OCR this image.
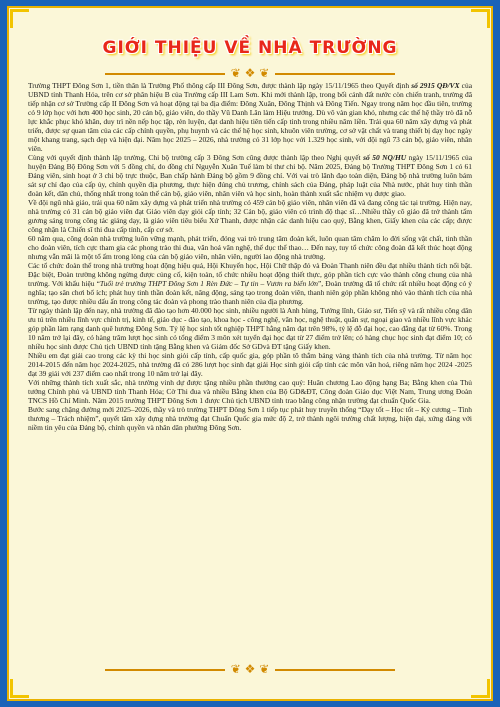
GIỚI THIỆU VỀ NHÀ TRƯỜNG
❦ ❖ ❦

Trường THPT Đông Sơn 1, tiền thân là Trường Phổ thông cấp III Đông Sơn, được thành lập ngày 15/11/1965 theo Quyết định số 2915 QĐ/VX của UBND tỉnh Thanh Hóa, trên cơ sở phân hiệu B của Trường cấp III Lam Sơn. Khi mới thành lập, trong bối cảnh đất nước còn chiến tranh, trường đã tiếp nhận cơ sở Trường cấp II Đông Sơn và hoạt động tại ba địa điểm: Đông Xuân, Đông Thịnh và Đông Tiến. Ngay trong năm học đầu tiên, trường có 9 lớp học với hơn 400 học sinh, 20 cán bộ, giáo viên, do thầy Vũ Danh Lân làm Hiệu trưởng. Dù vô vàn gian khó, nhưng các thế hệ thầy trò đã nỗ lực khắc phục khó khăn, duy trì nền nếp học tập, rèn luyện, đạt danh hiệu tiên tiến cấp tỉnh trong nhiều năm liền. Trải qua 60 năm xây dựng và phát triển, được sự quan tâm của các cấp chính quyền, phụ huynh và các thế hệ học sinh, khuôn viên trường, cơ sở vật chất và trang thiết bị dạy học ngày một khang trang, sạch đẹp và hiện đại. Năm học 2025 – 2026, nhà trường có 31 lớp học với 1.329 học sinh, với đội ngũ 73 cán bộ, giáo viên, nhân viên.

Cùng với quyết định thành lập trường, Chi bộ trường cấp 3 Đông Sơn cũng được thành lập theo Nghị quyết số 50 NQ/HU ngày 15/11/1965 của huyện Đảng Bộ Đông Sơn với 5 đồng chí, do đồng chí Nguyễn Xuân Tuế làm bí thư chi bộ. Năm 2025, Đảng bộ Trường THPT Đông Sơn 1 có 61 Đảng viên, sinh hoạt ở 3 chi bộ trực thuộc, Ban chấp hành Đảng bộ gồm 9 đồng chí. Với vai trò lãnh đạo toàn diện, Đảng bộ nhà trường luôn bám sát sự chỉ đạo của cấp ủy, chính quyền địa phương, thực hiện đúng chủ trương, chính sách của Đảng, pháp luật của Nhà nước, phát huy tinh thần đoàn kết, dân chủ, thống nhất trong toàn thể cán bộ, giáo viên, nhân viên và học sinh, hoàn thành xuất sắc nhiệm vụ được giao.

Về đội ngũ nhà giáo, trải qua 60 năm xây dựng và phát triển nhà trường có 459 cán bộ giáo viên, nhân viên đã và đang công tác tại trường. Hiện nay, nhà trường có 31 cán bộ giáo viên đạt Giáo viên dạy giỏi cấp tỉnh; 32 Cán bộ, giáo viên có trình độ thạc sĩ…Nhiều thầy cô giáo đã trở thành tấm gương sáng trong công tác giảng dạy, là giáo viên tiêu biểu Xứ Thanh, được nhận các danh hiệu cao quý, Bằng khen, Giấy khen của các cấp; được công nhận là Chiến sĩ thi đua cấp tỉnh, cấp cơ sở.

60 năm qua, công đoàn nhà trường luôn vững mạnh, phát triển, đóng vai trò trung tâm đoàn kết, luôn quan tâm chăm lo đời sống vật chất, tinh thần cho đoàn viên, tích cực tham gia các phong trào thi đua, văn hoá văn nghệ, thể dục thể thao… Đến nay, tuy tổ chức công đoàn đã kết thúc hoạt động nhưng vẫn mãi là một tổ ấm trong lòng của cán bộ giáo viên, nhân viên, người lao động nhà trường.

Các tổ chức đoàn thể trong nhà trường hoạt động hiệu quả, Hội Khuyến học, Hội Chữ thập đỏ và Đoàn Thanh niên đều đạt nhiều thành tích nổi bật. Đặc biệt, Đoàn trường không ngừng được củng cố, kiện toàn, tổ chức nhiều hoạt động thiết thực, góp phần tích cực vào thành công chung của nhà trường. Với khẩu hiệu “Tuổi trẻ trường THPT Đông Sơn 1 Rèn Đức – Tự tin – Vươn ra biển lớn”, Đoàn trường đã tổ chức rất nhiều hoạt động có ý nghĩa; tạo sân chơi bổ ích; phát huy tinh thần đoàn kết, năng động, sáng tạo trong đoàn viên, thanh niên góp phần không nhỏ vào thành tích của nhà trường, tạo được nhiều dấu ấn trong công tác đoàn và phong trào thanh niên của địa phương.

Từ ngày thành lập đến nay, nhà trường đã đào tạo hơn 40.000 học sinh, nhiều người là Anh hùng, Tướng lĩnh, Giáo sư, Tiến sỹ và rất nhiều công dân ưu tú trên nhiều lĩnh vực chính trị, kinh tế, giáo dục - đào tạo, khoa học - công nghệ, văn học, nghệ thuật, quân sự, ngoại giao và nhiều lĩnh vực khác góp phần làm rạng danh quê hương Đông Sơn. Tỷ lệ học sinh tốt nghiệp THPT hằng năm đạt trên 98%, tỷ lệ đỗ đại học, cao đẳng đạt từ 60%. Trong 10 năm trở lại đây, có hàng trăm lượt học sinh có tổng điểm 3 môn xét tuyển đại học đạt từ 27 điểm trở lên; có hàng chục học sinh đạt điểm 10; có nhiều học sinh được Chủ tịch UBND tỉnh tặng Bằng khen và Giám đốc Sở GDvà ĐT tặng Giấy khen.

Nhiều em đạt giải cao trong các kỳ thi học sinh giỏi cấp tỉnh, cấp quốc gia, góp phần tô thắm bảng vàng thành tích của nhà trường. Từ năm học 2014-2015 đến năm học 2024-2025, nhà trường đã có 286 lượt học sinh đạt giải Học sinh giỏi cấp tỉnh các môn văn hoá, riêng năm học 2024 -2025 đạt 39 giải với 237 điểm cao nhất trong 10 năm trở lại đây.

Với những thành tích xuất sắc, nhà trường vinh dự được tặng nhiều phần thưởng cao quý: Huân chương Lao động hạng Ba; Bằng khen của Thủ tướng Chính phủ và UBND tỉnh Thanh Hóa; Cờ Thi đua và nhiều Bằng khen của Bộ GD&ĐT, Công đoàn Giáo dục Việt Nam, Trung ương Đoàn TNCS Hồ Chí Minh. Năm 2015 trường THPT Đông Sơn 1 được Chủ tịch UBND tỉnh trao bằng công nhận trường đạt chuẩn Quốc Gia.

Bước sang chặng đường mới 2025–2026, thầy và trò trường THPT Đông Sơn 1 tiếp tục phát huy truyền thống “Dạy tốt – Học tốt – Kỷ cương – Tình thương – Trách nhiệm”, quyết tâm xây dựng nhà trường đạt Chuẩn Quốc gia mức độ 2, trở thành ngôi trường chất lượng, hiện đại, xứng đáng với niềm tin yêu của Đảng bộ, chính quyền và nhân dân phường Đông Sơn.

❦ ❖ ❦
